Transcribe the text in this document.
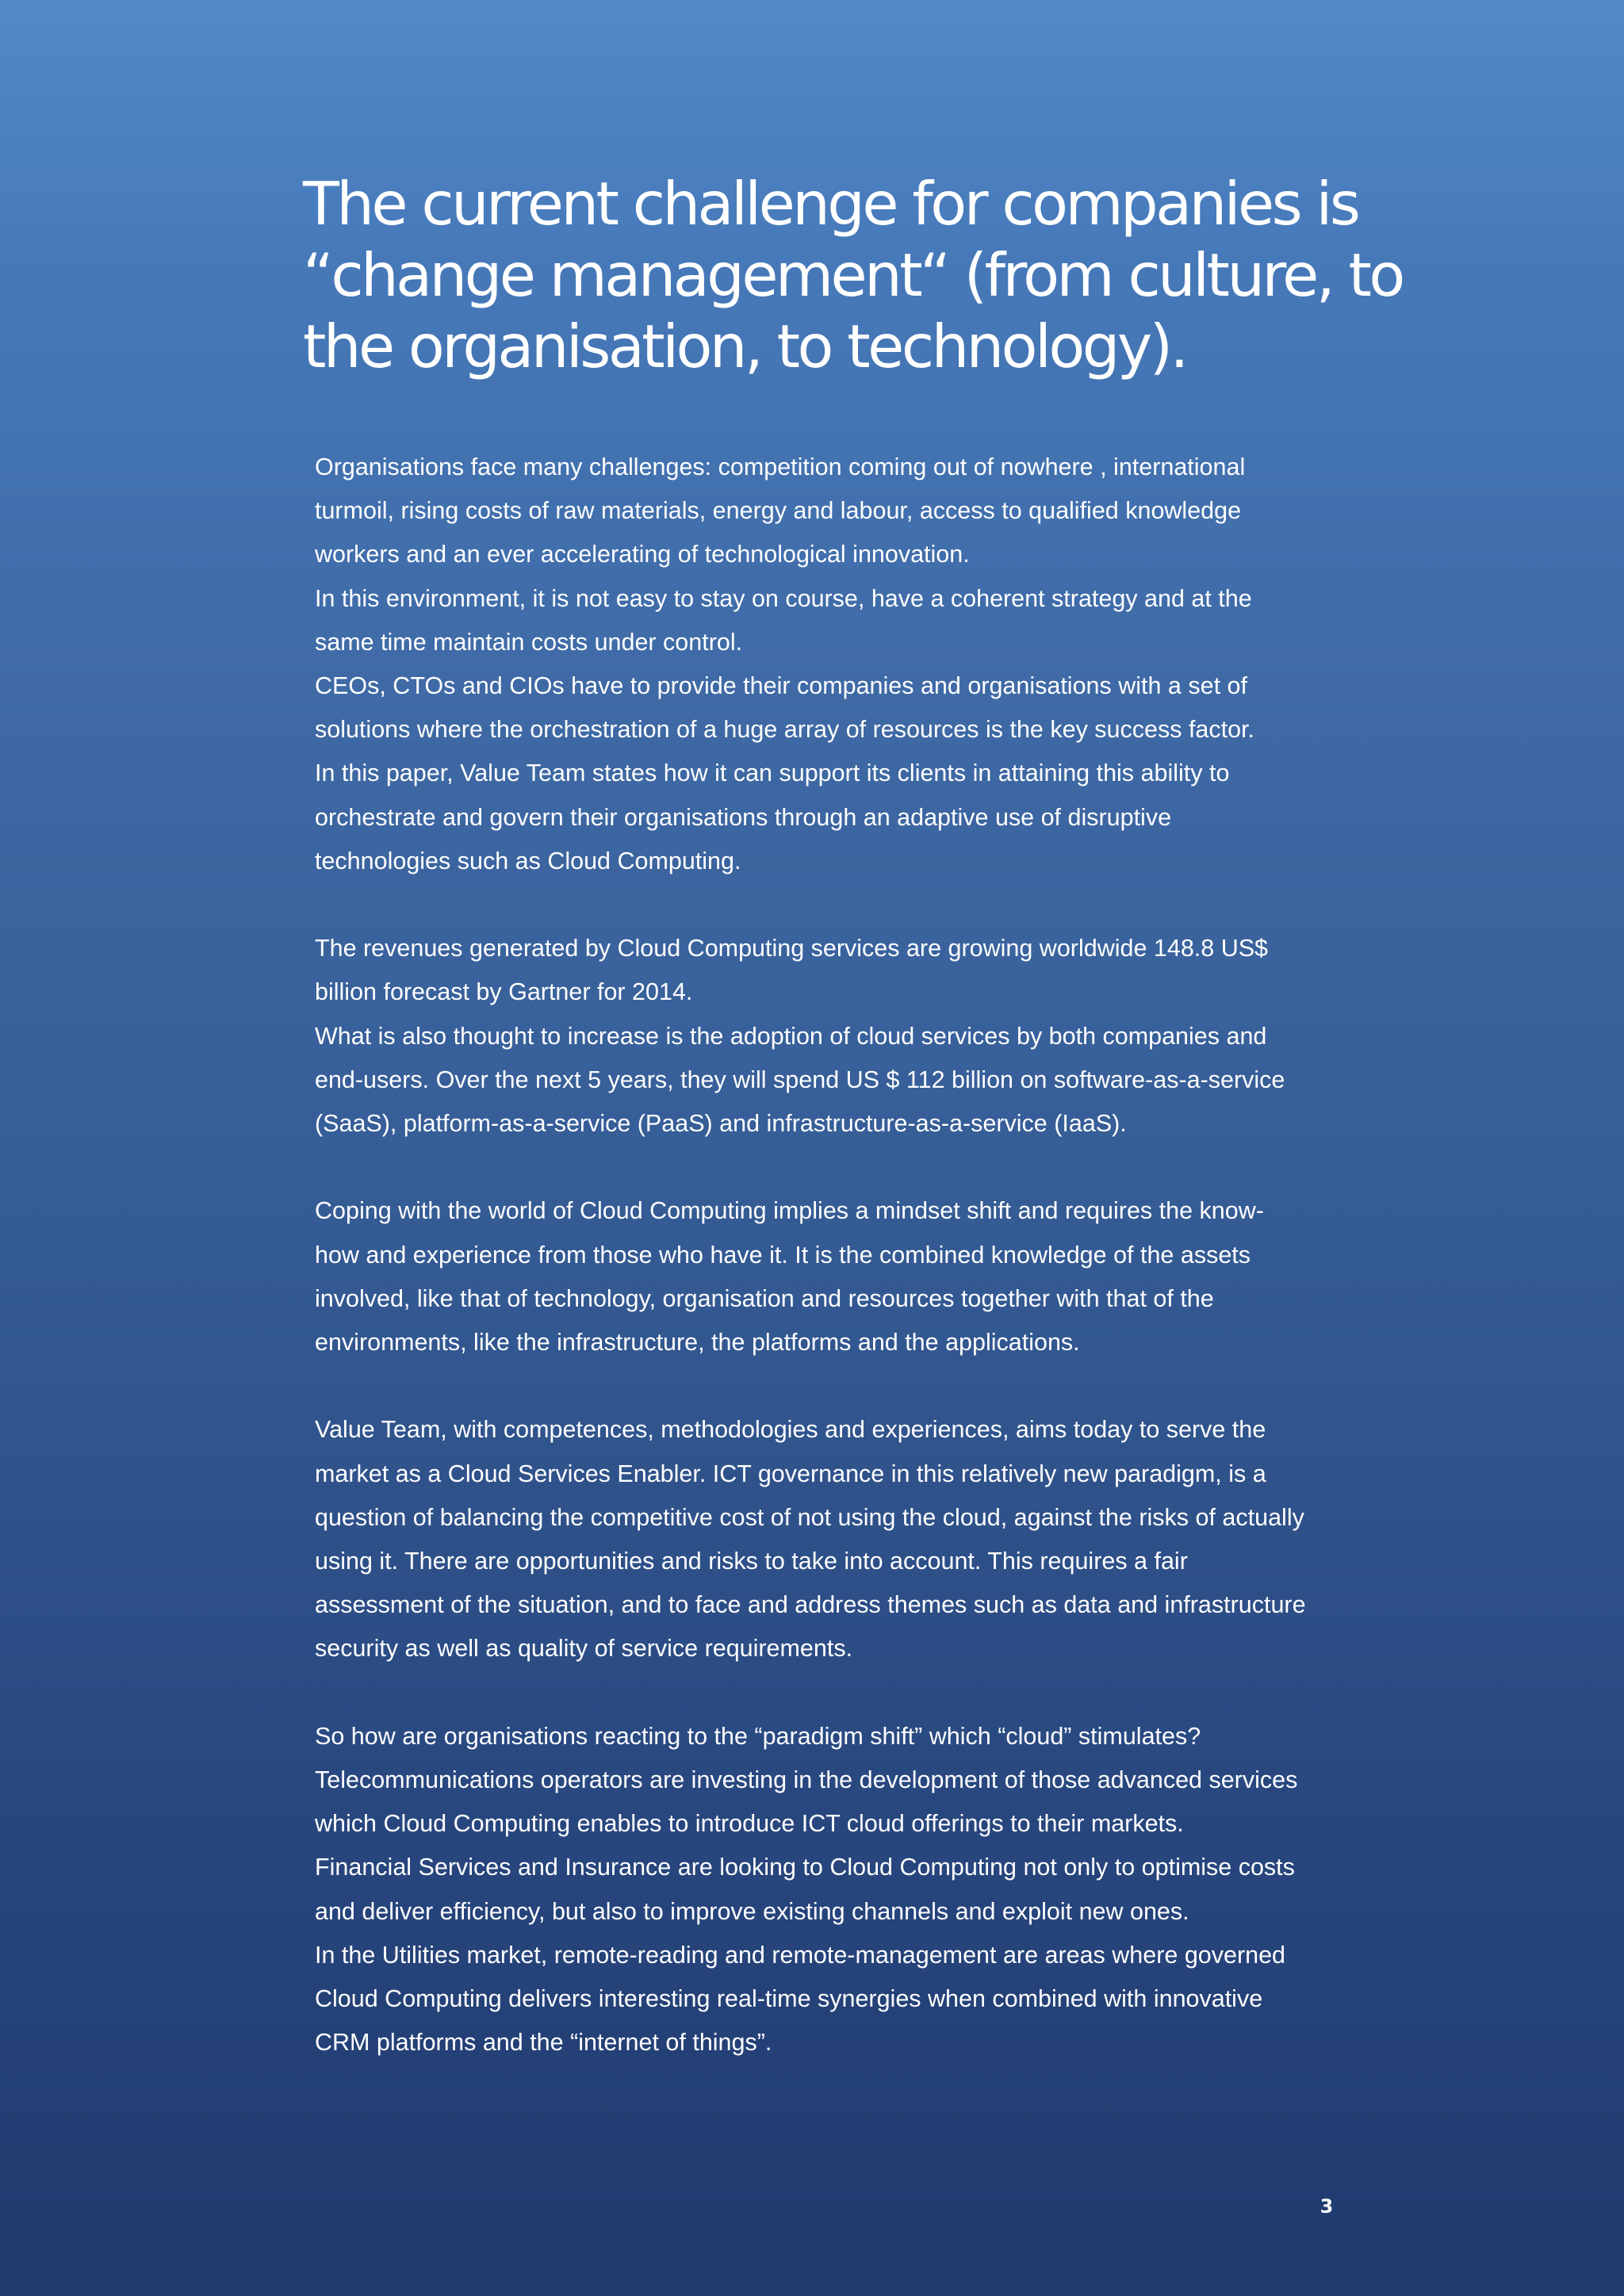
The current challenge for companies is
“change management“ (from culture, to
the organisation, to technology).

Organisations face many challenges: competition coming out of nowhere , international
turmoil, rising costs of raw materials, energy and labour, access to qualified knowledge
workers and an ever accelerating of technological innovation.
In this environment, it is not easy to stay on course, have a coherent strategy and at the
same time maintain costs under control.
CEOs, CTOs and CIOs have to provide their companies and organisations with a set of
solutions where the orchestration of a huge array of resources is the key success factor.
In this paper, Value Team states how it can support its clients in attaining this ability to
orchestrate and govern their organisations through an adaptive use of disruptive
technologies such as Cloud Computing.

The revenues generated by Cloud Computing services are growing worldwide 148.8 US$
billion forecast by Gartner for 2014.
What is also thought to increase is the adoption of cloud services by both companies and
end-users. Over the next 5 years, they will spend US $ 112 billion on software-as-a-service
(SaaS), platform-as-a-service (PaaS) and infrastructure-as-a-service (IaaS).

Coping with the world of Cloud Computing implies a mindset shift and requires the know-
how and experience from those who have it. It is the combined knowledge of the assets
involved, like that of technology, organisation and resources together with that of the
environments, like the infrastructure, the platforms and the applications.

Value Team, with competences, methodologies and experiences, aims today to serve the
market as a Cloud Services Enabler. ICT governance in this relatively new paradigm, is a
question of balancing the competitive cost of not using the cloud, against the risks of actually
using it. There are opportunities and risks to take into account. This requires a fair
assessment of the situation, and to face and address themes such as data and infrastructure
security as well as quality of service requirements.

So how are organisations reacting to the “paradigm shift” which “cloud” stimulates?
Telecommunications operators are investing in the development of those advanced services
which Cloud Computing enables to introduce ICT cloud offerings to their markets.
Financial Services and Insurance are looking to Cloud Computing not only to optimise costs
and deliver efficiency, but also to improve existing channels and exploit new ones.
In the Utilities market, remote-reading and remote-management are areas where governed
Cloud Computing delivers interesting real-time synergies when combined with innovative
CRM platforms and the “internet of things”.

3
